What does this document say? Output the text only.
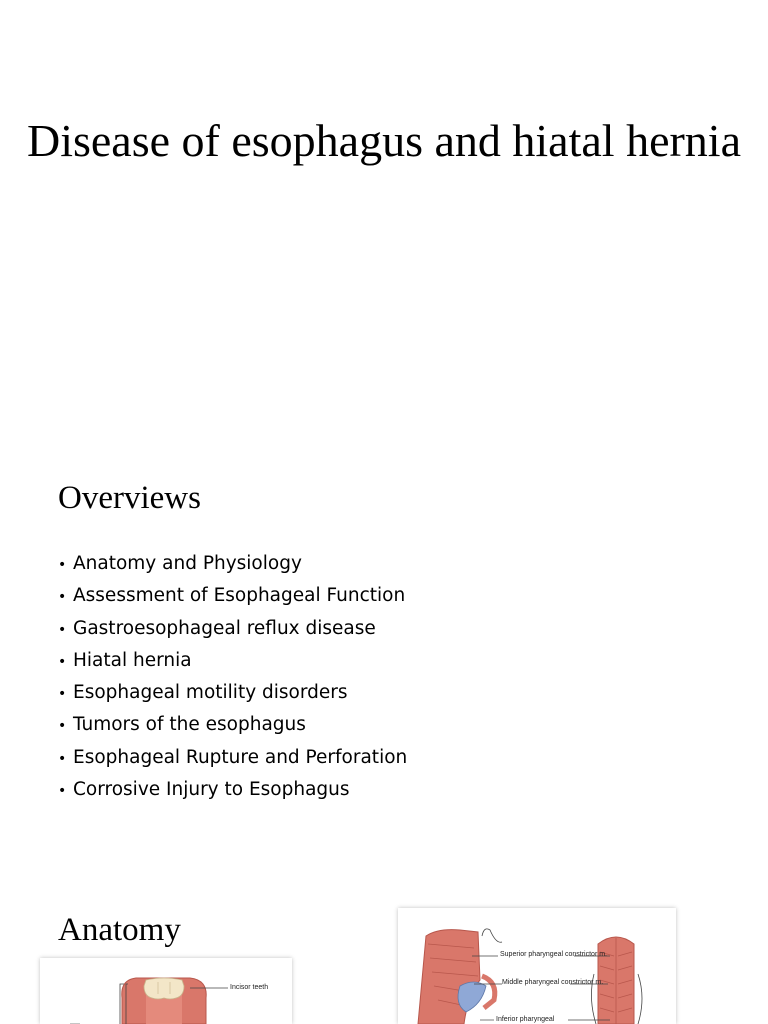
Disease of esophagus and hiatal hernia
Overviews
• Anatomy and Physiology
• Assessment of Esophageal Function
• Gastroesophageal reflux disease
• Hiatal hernia
• Esophageal motility disorders
• Tumors of the esophagus
• Esophageal Rupture and Perforation
• Corrosive Injury to Esophagus
Anatomy
Incisor teeth
Superior pharyngeal constrictor m.
Middle pharyngeal constrictor m.
Inferior pharyngeal
